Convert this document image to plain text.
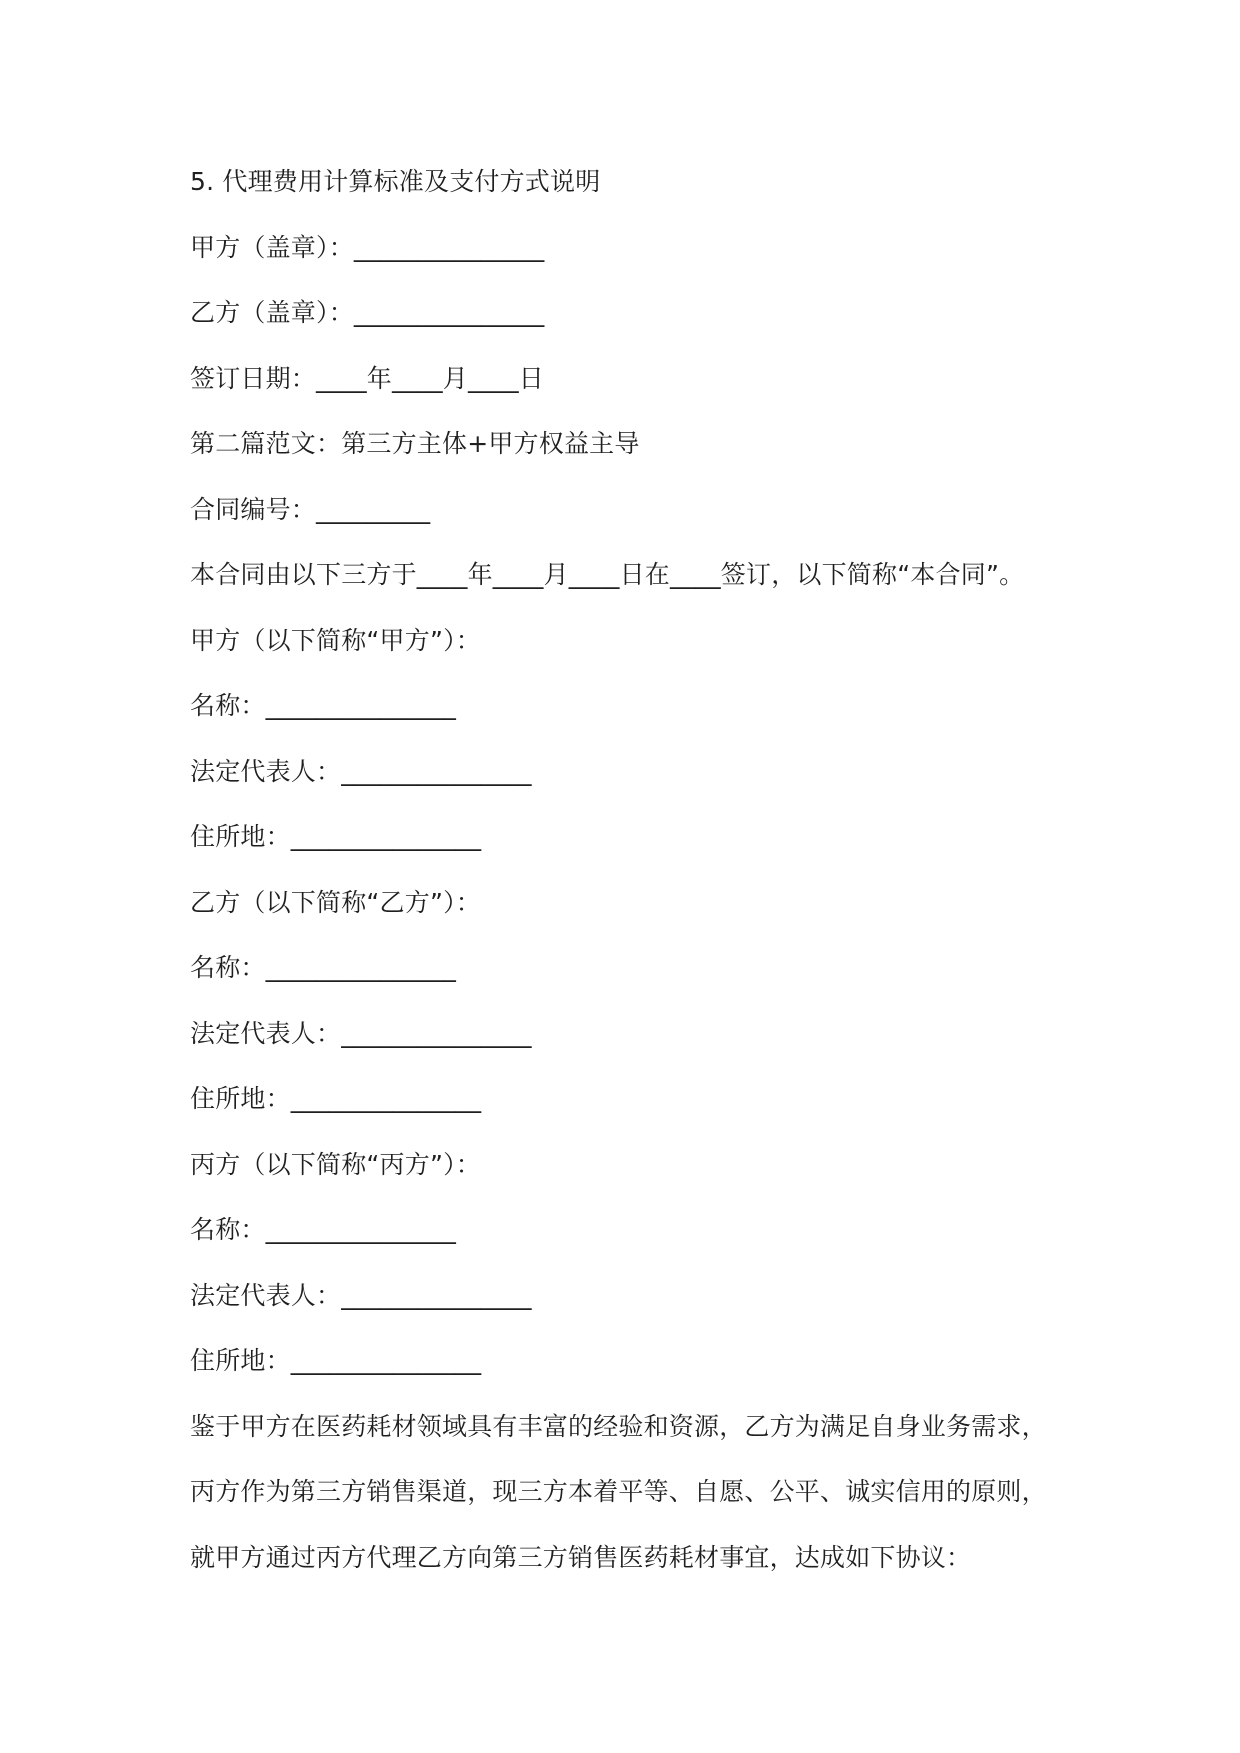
5. 代理费用计算标准及支付方式说明
甲方（盖章）：_______________
乙方（盖章）：_______________
签订日期：____年____月____日
第二篇范文：第三方主体+甲方权益主导
合同编号：_________
本合同由以下三方于____年____月____日在____签订，以下简称“本合同”。
甲方（以下简称“甲方”）：
名称：_______________
法定代表人：_______________
住所地：_______________
乙方（以下简称“乙方”）：
名称：_______________
法定代表人：_______________
住所地：_______________
丙方（以下简称“丙方”）：
名称：_______________
法定代表人：_______________
住所地：_______________
鉴于甲方在医药耗材领域具有丰富的经验和资源，乙方为满足自身业务需求，
丙方作为第三方销售渠道，现三方本着平等、自愿、公平、诚实信用的原则，
就甲方通过丙方代理乙方向第三方销售医药耗材事宜，达成如下协议：
